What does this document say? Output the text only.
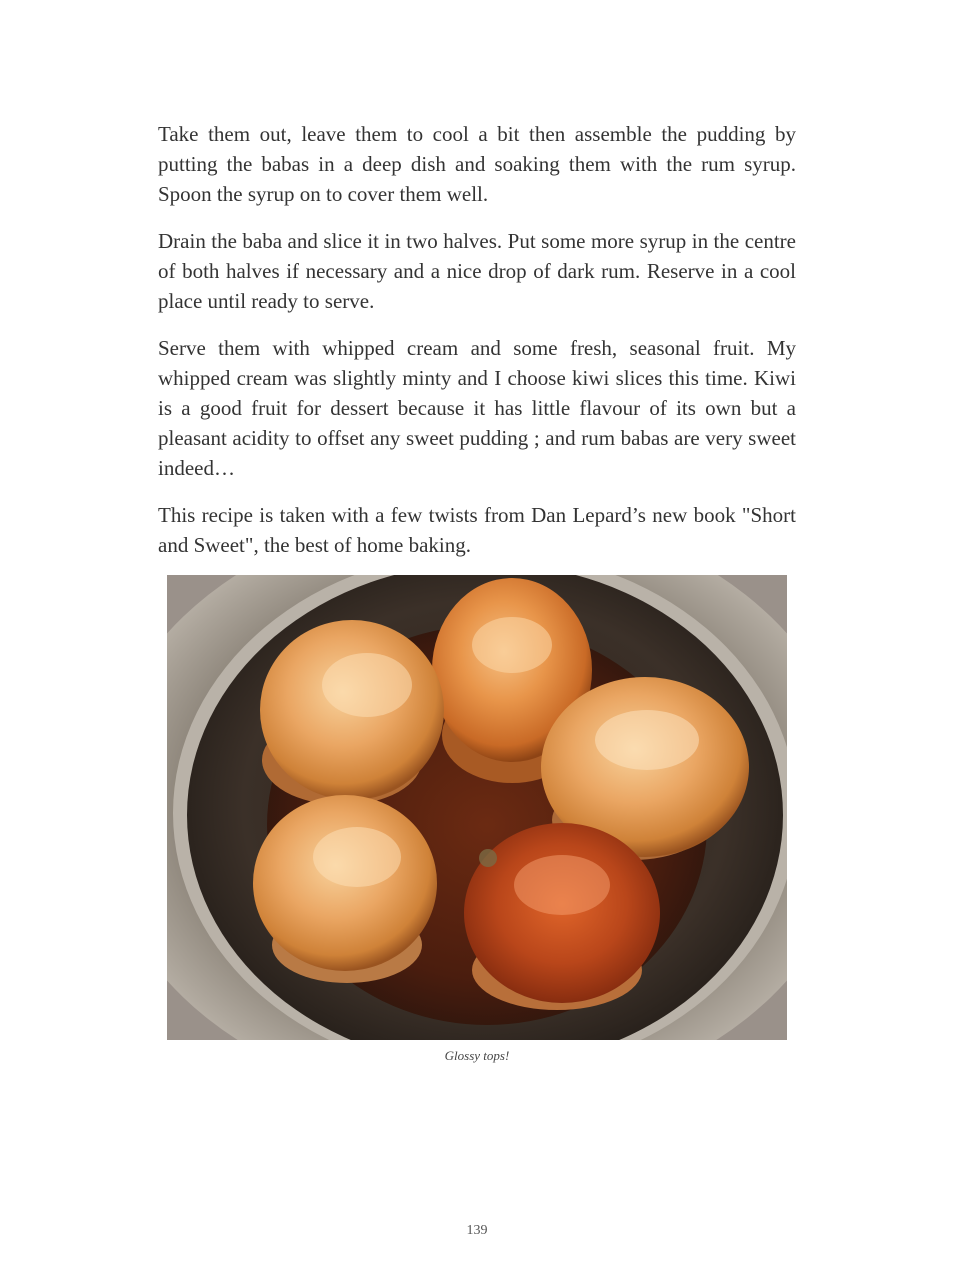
Take them out, leave them to cool a bit then assemble the pudding by putting the babas in a deep dish and soaking them with the rum syrup. Spoon the syrup on to cover them well.

Drain the baba and slice it in two halves. Put some more syrup in the centre of both halves if necessary and a nice drop of dark rum. Reserve in a cool place until ready to serve.

Serve them with whipped cream and some fresh, seasonal fruit. My whipped cream was slightly minty and I choose kiwi slices this time. Kiwi is a good fruit for dessert because it has little flavour of its own but a pleasant acidity to offset any sweet pudding ; and rum babas are very sweet indeed…

This recipe is taken with a few twists from Dan Lepard’s new book "Short and Sweet", the best of home baking.

Glossy tops!
139
